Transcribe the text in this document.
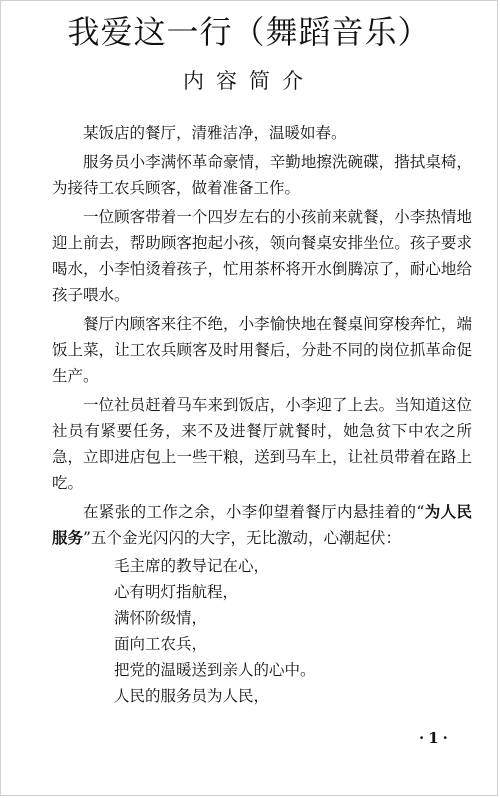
我爱这一行（舞蹈音乐）
内容简介

某饭店的餐厅，清雅洁净，温暖如春。

服务员小李满怀革命豪情，辛勤地擦洗碗碟，揩拭桌椅，为接待工农兵顾客，做着准备工作。

一位顾客带着一个四岁左右的小孩前来就餐，小李热情地迎上前去，帮助顾客抱起小孩，领向餐桌安排坐位。孩子要求喝水，小李怕烫着孩子，忙用茶杯将开水倒腾凉了，耐心地给孩子喂水。

餐厅内顾客来往不绝，小李愉快地在餐桌间穿梭奔忙，端饭上菜，让工农兵顾客及时用餐后，分赴不同的岗位抓革命促生产。

一位社员赶着马车来到饭店，小李迎了上去。当知道这位社员有紧要任务，来不及进餐厅就餐时，她急贫下中农之所急，立即进店包上一些干粮，送到马车上，让社员带着在路上吃。

在紧张的工作之余，小李仰望着餐厅内悬挂着的“为人民服务”五个金光闪闪的大字，无比激动，心潮起伏：

毛主席的教导记在心，
心有明灯指航程，
满怀阶级情，
面向工农兵，
把党的温暖送到亲人的心中。
人民的服务员为人民，
·1·
